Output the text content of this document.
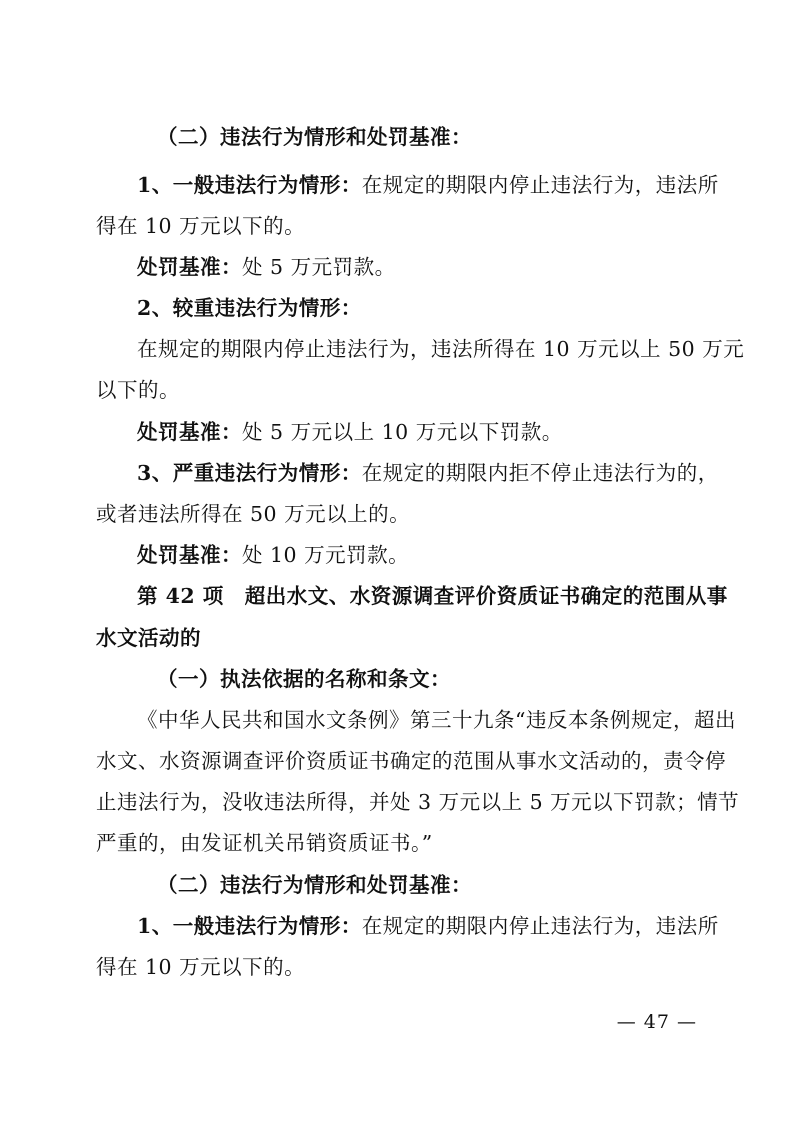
（二）违法行为情形和处罚基准：
1、一般违法行为情形：在规定的期限内停止违法行为，违法所
得在 10 万元以下的。
处罚基准：处 5 万元罚款。
2、较重违法行为情形：
在规定的期限内停止违法行为，违法所得在 10 万元以上 50 万元
以下的。
处罚基准：处 5 万元以上 10 万元以下罚款。
3、严重违法行为情形：在规定的期限内拒不停止违法行为的，
或者违法所得在 50 万元以上的。
处罚基准：处 10 万元罚款。
第 42 项　超出水文、水资源调查评价资质证书确定的范围从事
水文活动的
（一）执法依据的名称和条文：
《中华人民共和国水文条例》第三十九条“违反本条例规定，超出
水文、水资源调查评价资质证书确定的范围从事水文活动的，责令停
止违法行为，没收违法所得，并处 3 万元以上 5 万元以下罚款；情节
严重的，由发证机关吊销资质证书。”
（二）违法行为情形和处罚基准：
1、一般违法行为情形：在规定的期限内停止违法行为，违法所
得在 10 万元以下的。
— 47 —
